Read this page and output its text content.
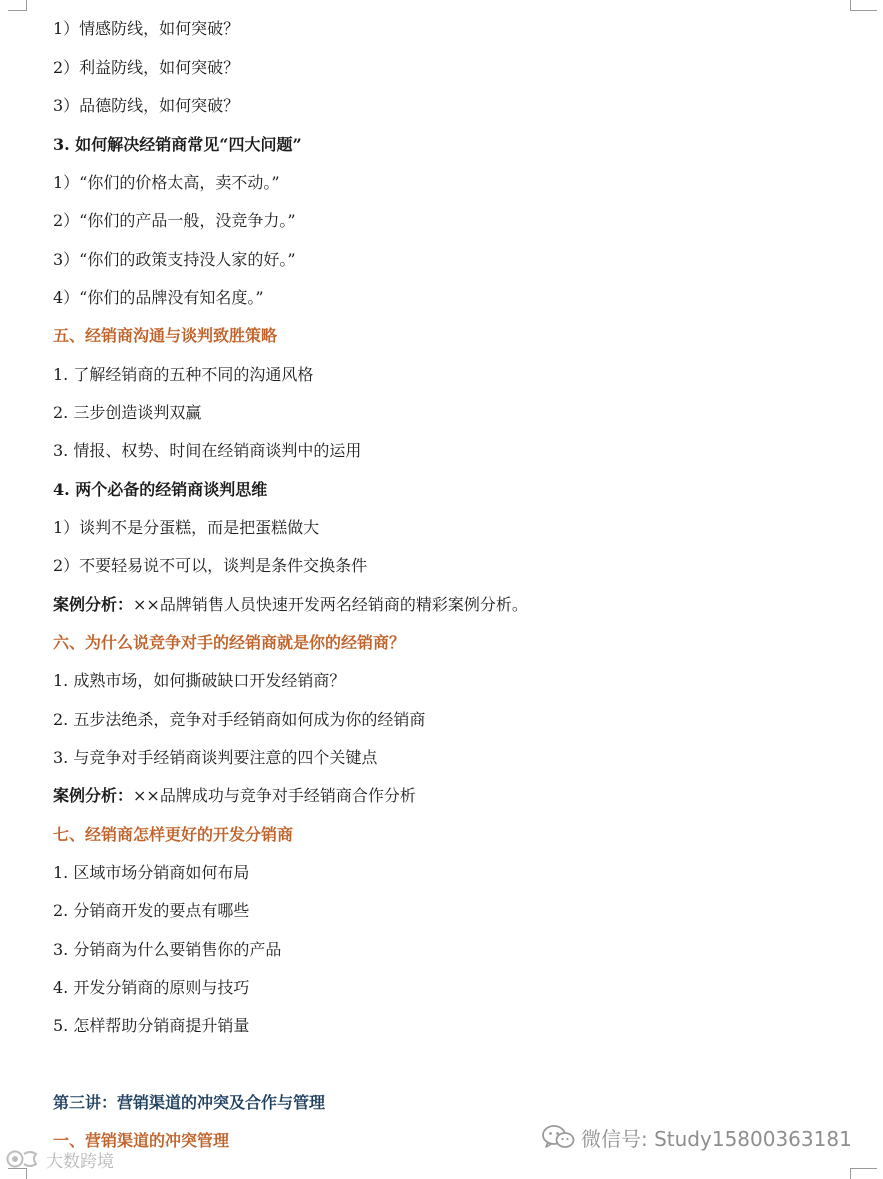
1）情感防线，如何突破？
2）利益防线，如何突破？
3）品德防线，如何突破？
3. 如何解决经销商常见“四大问题”
1）“你们的价格太高，卖不动。”
2）“你们的产品一般，没竞争力。”
3）“你们的政策支持没人家的好。”
4）“你们的品牌没有知名度。”
五、经销商沟通与谈判致胜策略
1. 了解经销商的五种不同的沟通风格
2. 三步创造谈判双赢
3. 情报、权势、时间在经销商谈判中的运用
4. 两个必备的经销商谈判思维
1）谈判不是分蛋糕，而是把蛋糕做大
2）不要轻易说不可以，谈判是条件交换条件
案例分析：××品牌销售人员快速开发两名经销商的精彩案例分析。
六、为什么说竞争对手的经销商就是你的经销商？
1. 成熟市场，如何撕破缺口开发经销商？
2. 五步法绝杀，竞争对手经销商如何成为你的经销商
3. 与竞争对手经销商谈判要注意的四个关键点
案例分析：××品牌成功与竞争对手经销商合作分析
七、经销商怎样更好的开发分销商
1. 区域市场分销商如何布局
2. 分销商开发的要点有哪些
3. 分销商为什么要销售你的产品
4. 开发分销商的原则与技巧
5. 怎样帮助分销商提升销量
第三讲：营销渠道的冲突及合作与管理
一、营销渠道的冲突管理	微信号: Study15800363181
大数跨境
